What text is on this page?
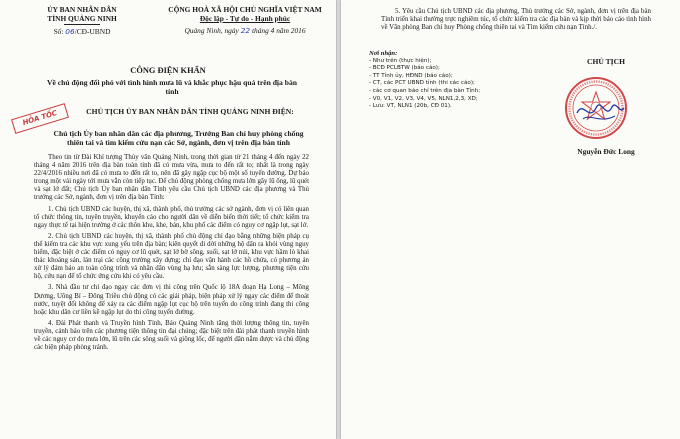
ỦY BAN NHÂN DÂN
TỈNH QUẢNG NINH
Số: 06/CĐ-UBND
CỘNG HOÀ XÃ HỘI CHỦ NGHĨA VIỆT NAM
Độc lập - Tự do - Hạnh phúc
Quảng Ninh, ngày 22 tháng 4 năm 2016
CÔNG ĐIỆN KHẨN
Về chủ động đối phó với tình hình mưa lũ và khắc phục hậu quả trên địa bàn tỉnh
HỎA TỐC	CHỦ TỊCH ỦY BAN NHÂN DÂN TỈNH QUẢNG NINH ĐIỆN:
Chủ tịch Ủy ban nhân dân các địa phương, Trưởng Ban chỉ huy phòng chống thiên tai và tìm kiếm cứu nạn các Sở, ngành, đơn vị trên địa bàn tỉnh

Theo tin từ Đài Khí tượng Thủy văn Quảng Ninh, trong thời gian từ 21 tháng 4 đến ngày 22 tháng 4 năm 2016 trên địa bàn toàn tỉnh đã có mưa vừa, mưa to đến rất to; nhất là trong ngày 22/4/2016 nhiều nơi đã có mưa to đến rất to, nên đã gây ngập cục bộ một số tuyến đường. Dự báo trong một vài ngày tới mưa vẫn còn tiếp tục. Để chủ động phòng chống mưa lớn gây lũ ống, lũ quét và sạt lở đất; Chủ tịch Ủy ban nhân dân Tỉnh yêu cầu Chủ tịch UBND các địa phương và Thủ trưởng các Sở, ngành, đơn vị trên địa bàn Tỉnh:

1. Chủ tịch UBND các huyện, thị xã, thành phố, thủ trưởng các sở ngành, đơn vị có liên quan tổ chức thông tin, tuyên truyền, khuyến cáo cho người dân về diễn biến thời tiết; tổ chức kiểm tra ngay thực tế tại hiện trường ở các thôn khu, khe, bản, khu phố các điểm có nguy cơ ngập lụt, sạt lở.

2. Chủ tịch UBND các huyện, thị xã, thành phố chủ động chỉ đạo bằng những biện pháp cụ thể kiểm tra các khu vực xung yếu trên địa bàn; kiên quyết di dời những hộ dân ra khỏi vùng nguy hiểm, đặc biệt ở các điểm có nguy cơ lũ quét, sạt lở bờ sông, suối, sạt lở núi, khu vực hầm lò khai thác khoáng sản, lán trại các công trường xây dựng; chỉ đạo vận hành các hồ chứa, có phương án xử lý đảm bảo an toàn công trình và nhân dân vùng hạ lưu; sẵn sàng lực lượng, phương tiện cứu hộ, cứu nạn để tổ chức ứng cứu khi có yêu cầu.

3. Nhà đầu tư chỉ đạo ngay các đơn vị thi công trên Quốc lộ 18A đoạn Hạ Long – Mông Dương, Uông Bí – Đông Triều chủ động có các giải pháp, biện pháp xử lý ngay các điểm để thoát nước, tuyệt đối không để xảy ra các điểm ngập lụt cục bộ trên tuyến do công trình đang thi công hoặc khu dân cư liền kề ngập lụt do thi công tuyến đường.

4. Đài Phát thanh và Truyền hình Tỉnh, Báo Quảng Ninh tăng thời lượng thông tin, tuyên truyền, cảnh báo trên các phương tiện thông tin đại chúng; đặc biệt trên đài phát thanh truyền hình về các nguy cơ do mưa lớn, lũ trên các sông suối và giông lốc, để người dân nắm được và chủ động các biện pháp phòng tránh.

5. Yêu cầu Chủ tịch UBND các địa phương, Thủ trưởng các Sở, ngành, đơn vị trên địa bàn Tỉnh triển khai thường trực nghiêm túc, tổ chức kiểm tra các địa bàn và kịp thời báo cáo tình hình về Văn phòng Ban chỉ huy Phòng chống thiên tai và Tìm kiếm cứu nạn Tỉnh./.

Nơi nhận:
- Như trên (thực hiện);
- BCĐ PCLBTW (báo cáo);
- TT Tỉnh ủy, HĐND (báo cáo);
- CT, các PCT UBND tỉnh (thi các cáo);
- các cơ quan báo chí trên địa bàn Tỉnh;
- V0, V1, V2, V3, V4, V5, NLN1,2,3, XD;
- Lưu: VT, NLN1 (20b, CĐ 01).
CHỦ TỊCH
Nguyễn Đức Long
